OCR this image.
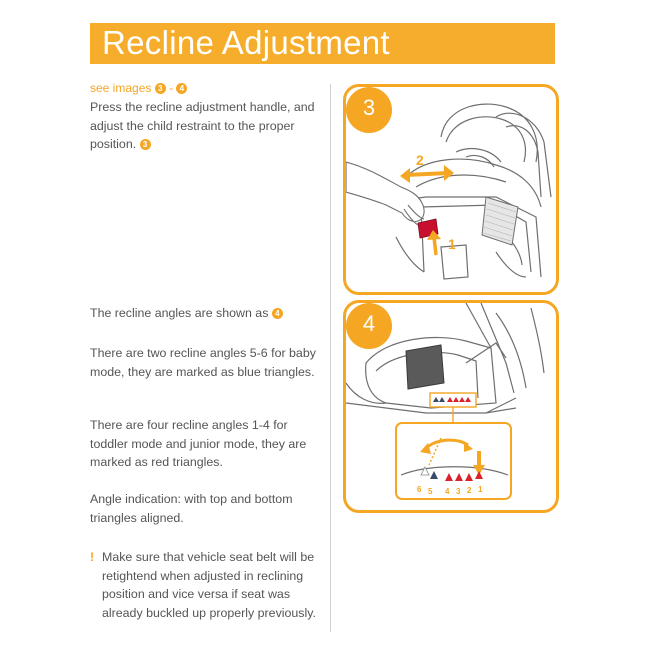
Recline Adjustment
see images 3 - 4
Press the recline adjustment handle, and adjust the child restraint to the proper position. 3
The recline angles are shown as 4
There are two recline angles 5-6 for baby mode, they are marked as blue triangles.
There are four recline angles 1-4 for toddler mode and junior mode, they are marked as red triangles.
Angle indication: with top and bottom triangles aligned.
! Make sure that vehicle seat belt will be retightend when adjusted in reclining position and vice versa if seat was already buckled up properly previously.
2
1
3
6 5 4 3 2 1
4
